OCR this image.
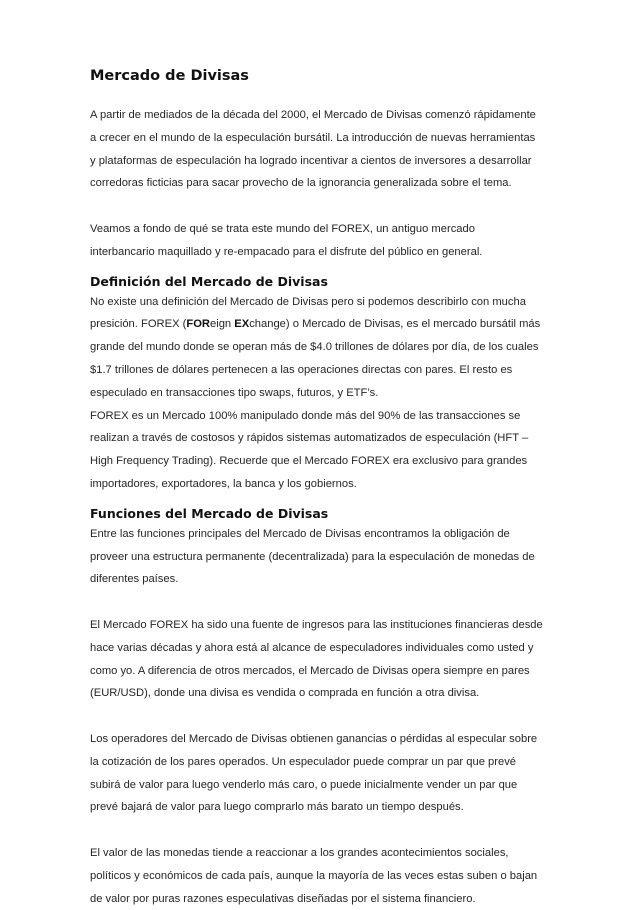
Mercado de Divisas

A partir de mediados de la década del 2000, el Mercado de Divisas comenzó rápidamente
a crecer en el mundo de la especulación bursátil. La introducción de nuevas herramientas
y plataformas de especulación ha logrado incentivar a cientos de inversores a desarrollar
corredoras ficticias para sacar provecho de la ignorancia generalizada sobre el tema.

Veamos a fondo de qué se trata este mundo del FOREX, un antiguo mercado
interbancario maquillado y re-empacado para el disfrute del público en general.

Definición del Mercado de Divisas

No existe una definición del Mercado de Divisas pero si podemos describirlo con mucha
presición. FOREX (FOReign EXchange) o Mercado de Divisas, es el mercado bursátil más
grande del mundo donde se operan más de $4.0 trillones de dólares por día, de los cuales
$1.7 trillones de dólares pertenecen a las operaciones directas con pares. El resto es
especulado en transacciones tipo swaps, futuros, y ETF’s.
FOREX es un Mercado 100% manipulado donde más del 90% de las transacciones se
realizan a través de costosos y rápidos sistemas automatizados de especulación (HFT –
High Frequency Trading). Recuerde que el Mercado FOREX era exclusivo para grandes
importadores, exportadores, la banca y los gobiernos.

Funciones del Mercado de Divisas

Entre las funciones principales del Mercado de Divisas encontramos la obligación de
proveer una estructura permanente (decentralizada) para la especulación de monedas de
diferentes países.

El Mercado FOREX ha sido una fuente de ingresos para las instituciones financieras desde
hace varias décadas y ahora está al alcance de especuladores individuales como usted y
como yo. A diferencia de otros mercados, el Mercado de Divisas opera siempre en pares
(EUR/USD), donde una divisa es vendida o comprada en función a otra divisa.

Los operadores del Mercado de Divisas obtienen ganancias o pérdidas al especular sobre
la cotización de los pares operados. Un especulador puede comprar un par que prevé
subirá de valor para luego venderlo más caro, o puede inicialmente vender un par que
prevé bajará de valor para luego comprarlo más barato un tiempo después.

El valor de las monedas tiende a reaccionar a los grandes acontecimientos sociales,
políticos y económicos de cada país, aunque la mayoría de las veces estas suben o bajan
de valor por puras razones especulativas diseñadas por el sistema financiero.
